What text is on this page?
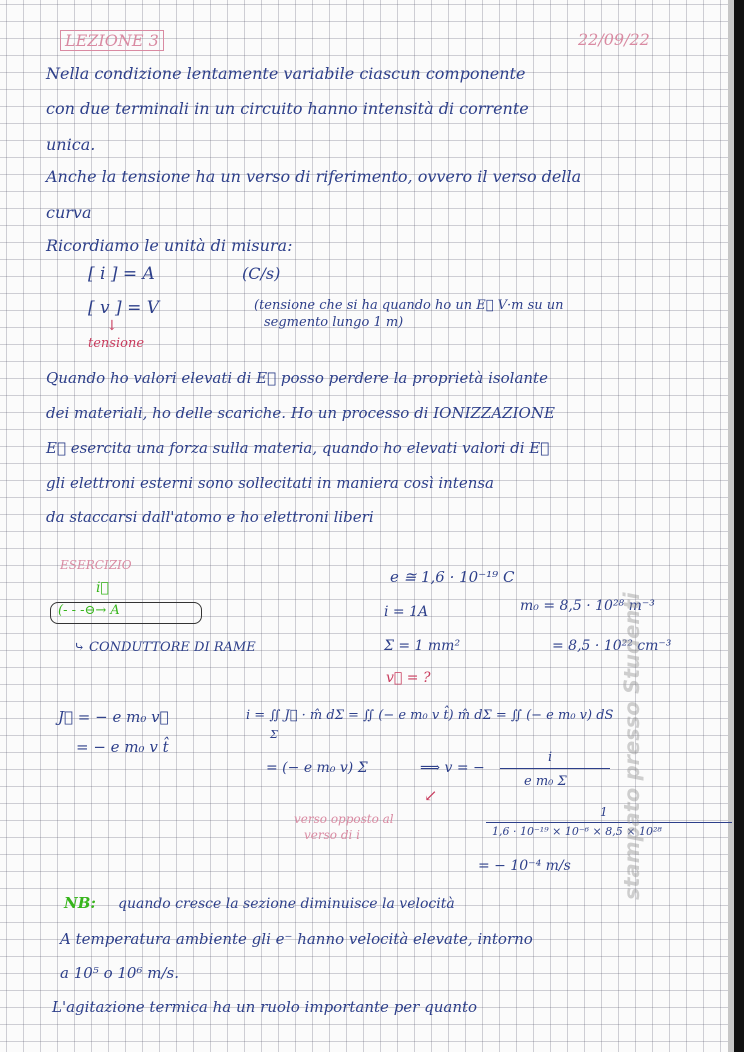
LEZIONE 3	22/09/22
Nella condizione lentamente variabile ciascun componente
con due terminali in un circuito hanno intensità di corrente
unica.
Anche la tensione ha un verso di riferimento, ovvero il verso della
curva
Ricordiamo le unità di misura:
[ i ] = A	(C/s)
[ v ] = V	(tensione che si ha quando ho un E⃗ V·m su un
segmento lungo 1 m)
↓
tensione
Quando ho valori elevati di E⃗ posso perdere la proprietà isolante
dei materiali, ho delle scariche. Ho un processo di IONIZZAZIONE
E⃗ esercita una forza sulla materia, quando ho elevati valori di E⃗
gli elettroni esterni sono sollecitati in maniera così intensa
da staccarsi dall'atomo e ho elettroni liberi
ESERCIZIO
i⃗
(- - -⊖→ A
⤷ CONDUTTORE DI RAME
e ≅ 1,6 · 10⁻¹⁹ C
i = 1A	m₀ = 8,5 · 10²⁸ m⁻³
Σ = 1 mm²	= 8,5 · 10²² cm⁻³
v⃗ = ?
J⃗ = − e m₀ v⃗
= − e m₀ v t̂
i = ∬ J⃗ · m̂ dΣ = ∬ (− e m₀ v t̂) m̂ dΣ = ∬ (− e m₀ v) dS
Σ
= (− e m₀ v) Σ	⟹ v = −
i
e m₀ Σ
↙
verso opposto al
verso di i
1
1,6 · 10⁻¹⁹ × 10⁻⁶ × 8,5 × 10²⁸
= − 10⁻⁴ m/s
NB: quando cresce la sezione diminuisce la velocità
A temperatura ambiente gli e⁻ hanno velocità elevate, intorno
a 10⁵ o 10⁶ m/s.
L'agitazione termica ha un ruolo importante per quanto
stampato presso Studenti
